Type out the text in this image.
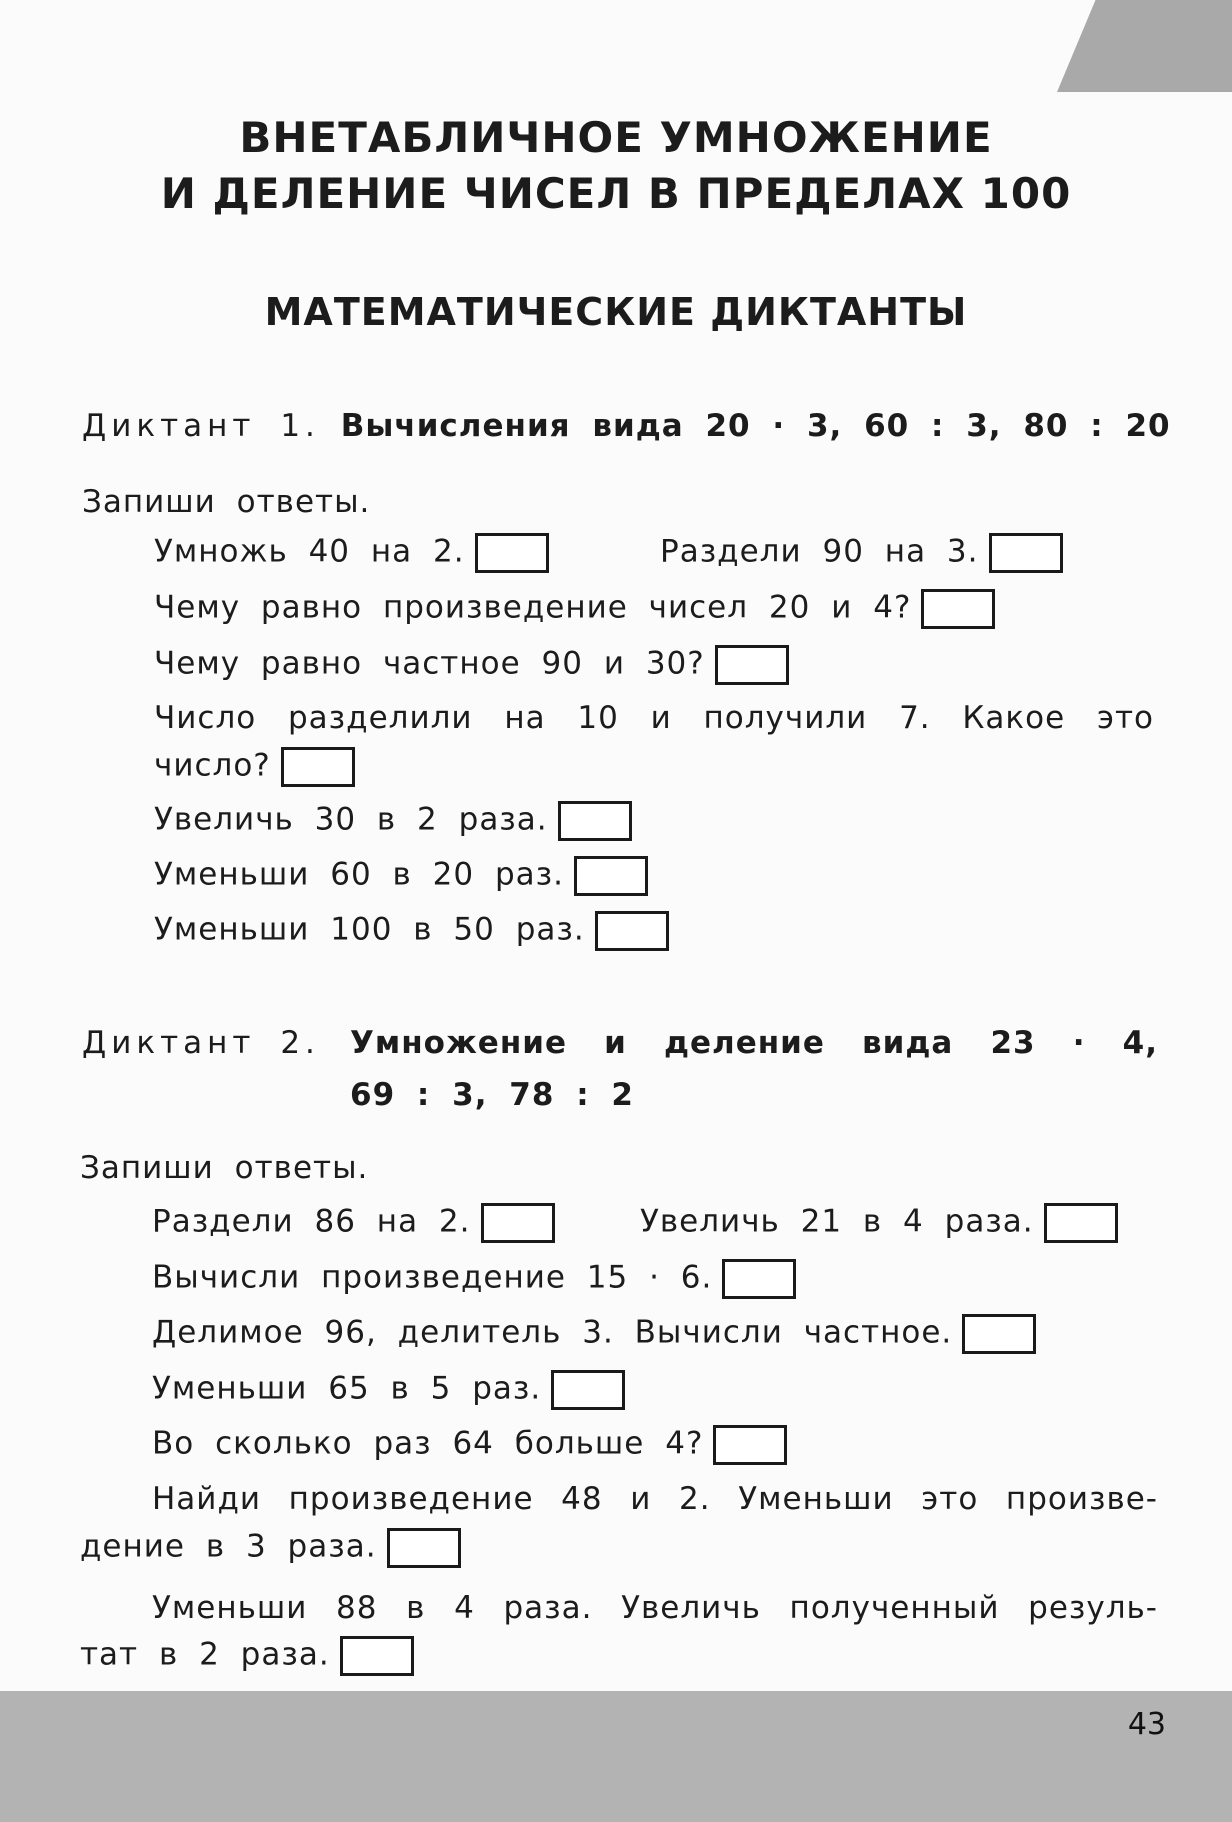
ВНЕТАБЛИЧНОЕ УМНОЖЕНИЕ
И ДЕЛЕНИЕ ЧИСЕЛ В ПРЕДЕЛАХ 100
МАТЕМАТИЧЕСКИЕ ДИКТАНТЫ
Диктант 1. Вычисления вида 20 · 3, 60 : 3, 80 : 20
Запиши ответы.
Умножь 40 на 2.	Раздели 90 на 3.
Чему равно произведение чисел 20 и 4?
Чему равно частное 90 и 30?
Число разделили на 10 и получили 7. Какое это
число?
Увеличь 30 в 2 раза.
Уменьши 60 в 20 раз.
Уменьши 100 в 50 раз.
Диктант 2. Умножение и деление вида 23 · 4,
69 : 3, 78 : 2
Запиши ответы.
Раздели 86 на 2.	Увеличь 21 в 4 раза.
Вычисли произведение 15 · 6.
Делимое 96, делитель 3. Вычисли частное.
Уменьши 65 в 5 раз.
Во сколько раз 64 больше 4?
Найди произведение 48 и 2. Уменьши это произве-
дение в 3 раза.
Уменьши 88 в 4 раза. Увеличь полученный резуль-
тат в 2 раза.
43
